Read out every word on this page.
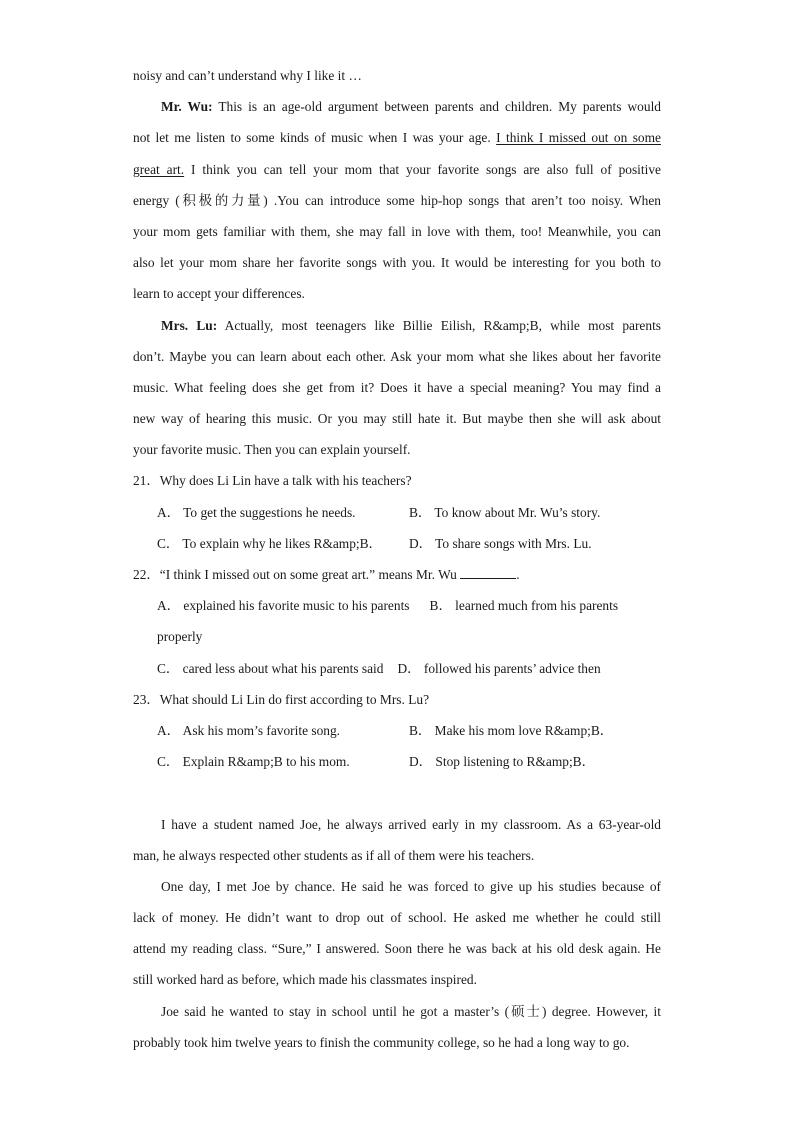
noisy and can’t understand why I like it …
Mr. Wu: This is an age-old argument between parents and children. My parents would
not let me listen to some kinds of music when I was your age. I think I missed out on some
great art. I think you can tell your mom that your favorite songs are also full of positive
energy (积极的力量) .You can introduce some hip-hop songs that aren’t too noisy. When
your mom gets familiar with them, she may fall in love with them, too! Meanwhile, you can
also let your mom share her favorite songs with you. It would be interesting for you both to
learn to accept your differences.
Mrs. Lu: Actually, most teenagers like Billie Eilish, R&amp;B, while most parents
don’t. Maybe you can learn about each other. Ask your mom what she likes about her favorite
music. What feeling does she get from it? Does it have a special meaning? You may find a
new way of hearing this music. Or you may still hate it. But maybe then she will ask about
your favorite music. Then you can explain yourself.
21．Why does Li Lin have a talk with his teachers?
A． To get the suggestions he needs.	B． To know about Mr. Wu’s story.
C． To explain why he likes R&amp;B．	D． To share songs with Mrs. Lu.
22．“I think I missed out on some great art.” means Mr. Wu	.
A． explained his favorite music to his parents B． learned much from his parents
properly
C． cared less about what his parents said D． followed his parents’ advice then
23．What should Li Lin do first according to Mrs. Lu?
A． Ask his mom’s favorite song.	B． Make his mom love R&amp;B．
C． Explain R&amp;B to his mom.	D． Stop listening to R&amp;B．
I have a student named Joe, he always arrived early in my classroom. As a 63-year-old
man, he always respected other students as if all of them were his teachers.
One day, I met Joe by chance. He said he was forced to give up his studies because of
lack of money. He didn’t want to drop out of school. He asked me whether he could still
attend my reading class. “Sure,” I answered. Soon there he was back at his old desk again. He
still worked hard as before, which made his classmates inspired.
Joe said he wanted to stay in school until he got a master’s (硕士) degree. However, it
probably took him twelve years to finish the community college, so he had a long way to go.
